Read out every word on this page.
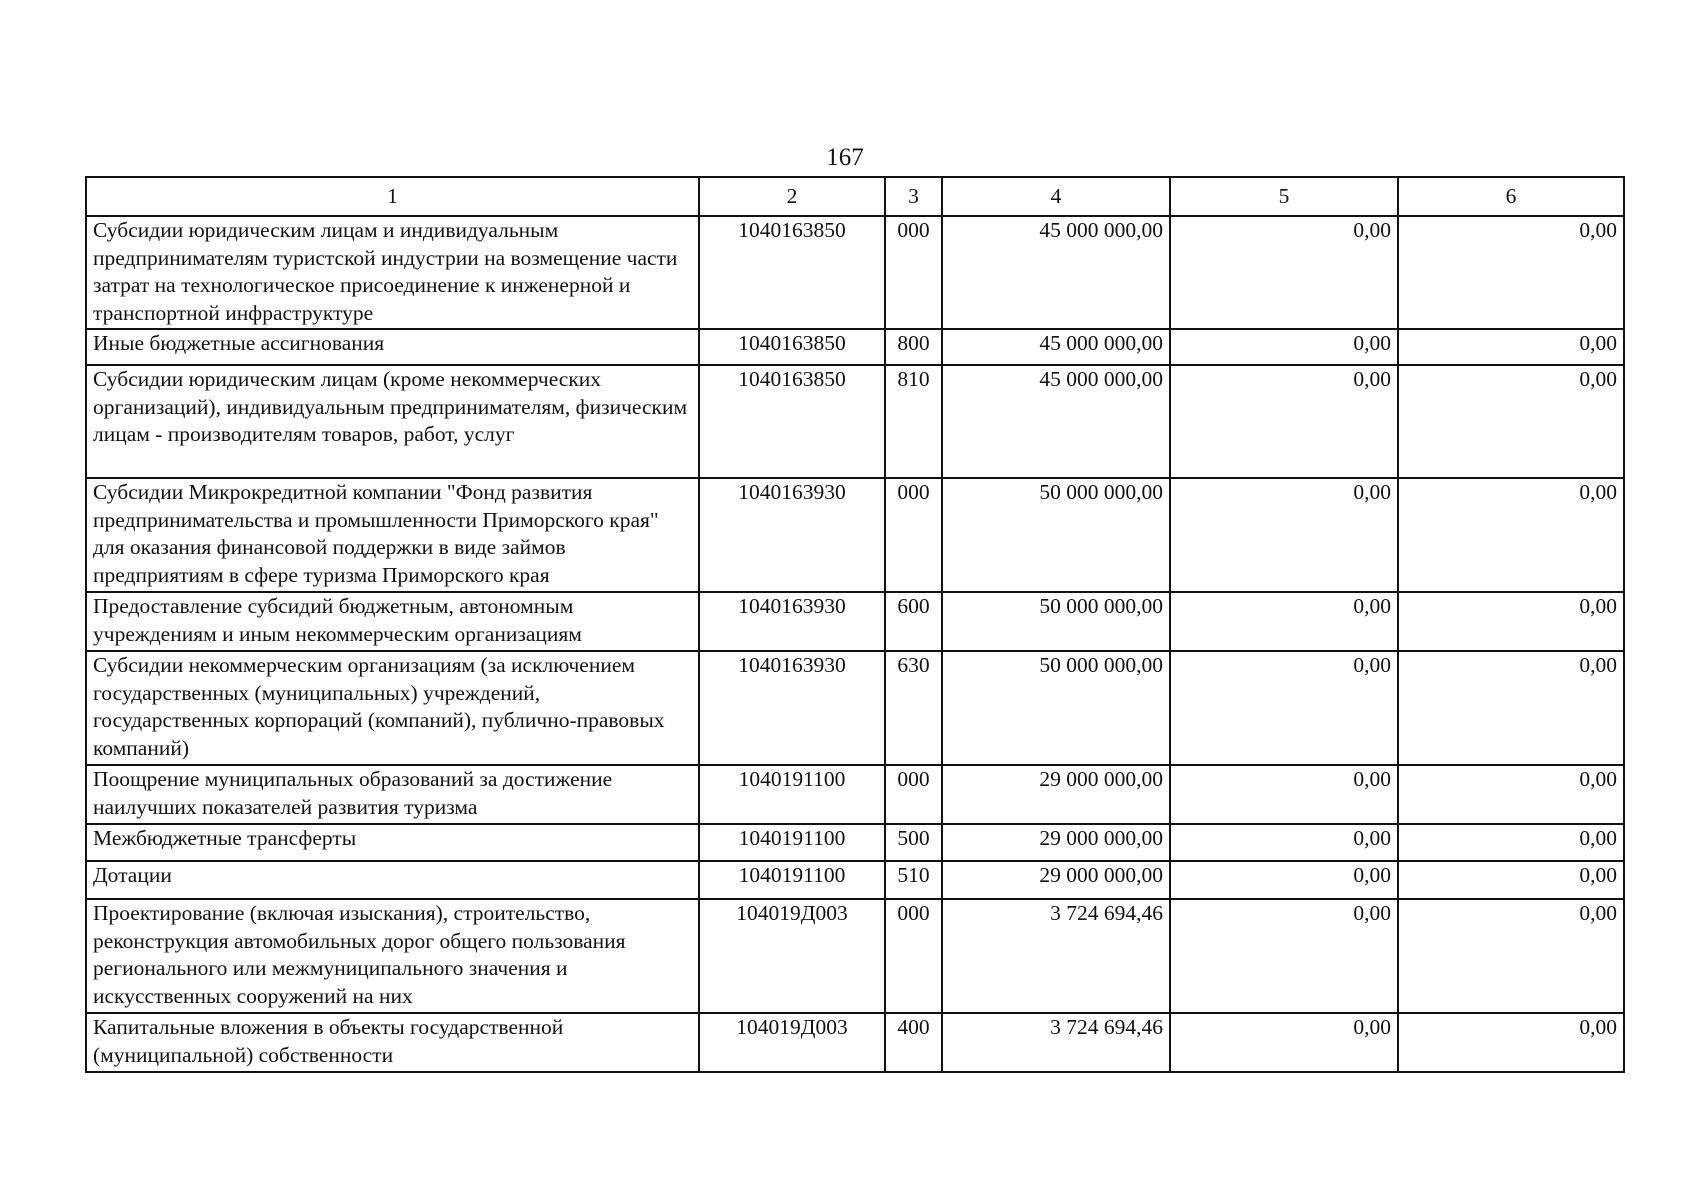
167
1	2	3	4	5	6
Субсидии юридическим лицам и индивидуальным предпринимателям туристской индустрии на возмещение части затрат на технологическое присоединение к инженерной и транспортной инфраструктуре	1040163850	000	45 000 000,00	0,00	0,00
Иные бюджетные ассигнования	1040163850	800	45 000 000,00	0,00	0,00
Субсидии юридическим лицам (кроме некоммерческих организаций), индивидуальным предпринимателям, физическим лицам - производителям товаров, работ, услуг	1040163850	810	45 000 000,00	0,00	0,00
Субсидии Микрокредитной компании "Фонд развития предпринимательства и промышленности Приморского края" для оказания финансовой поддержки в виде займов предприятиям в сфере туризма Приморского края	1040163930	000	50 000 000,00	0,00	0,00
Предоставление субсидий бюджетным, автономным учреждениям и иным некоммерческим организациям	1040163930	600	50 000 000,00	0,00	0,00
Субсидии некоммерческим организациям (за исключением государственных (муниципальных) учреждений, государственных корпораций (компаний), публично-правовых компаний)	1040163930	630	50 000 000,00	0,00	0,00
Поощрение муниципальных образований за достижение наилучших показателей развития туризма	1040191100	000	29 000 000,00	0,00	0,00
Межбюджетные трансферты	1040191100	500	29 000 000,00	0,00	0,00
Дотации	1040191100	510	29 000 000,00	0,00	0,00
Проектирование (включая изыскания), строительство, реконструкция автомобильных дорог общего пользования регионального или межмуниципального значения и искусственных сооружений на них	104019Д003	000	3 724 694,46	0,00	0,00
Капитальные вложения в объекты государственной (муниципальной) собственности	104019Д003	400	3 724 694,46	0,00	0,00
